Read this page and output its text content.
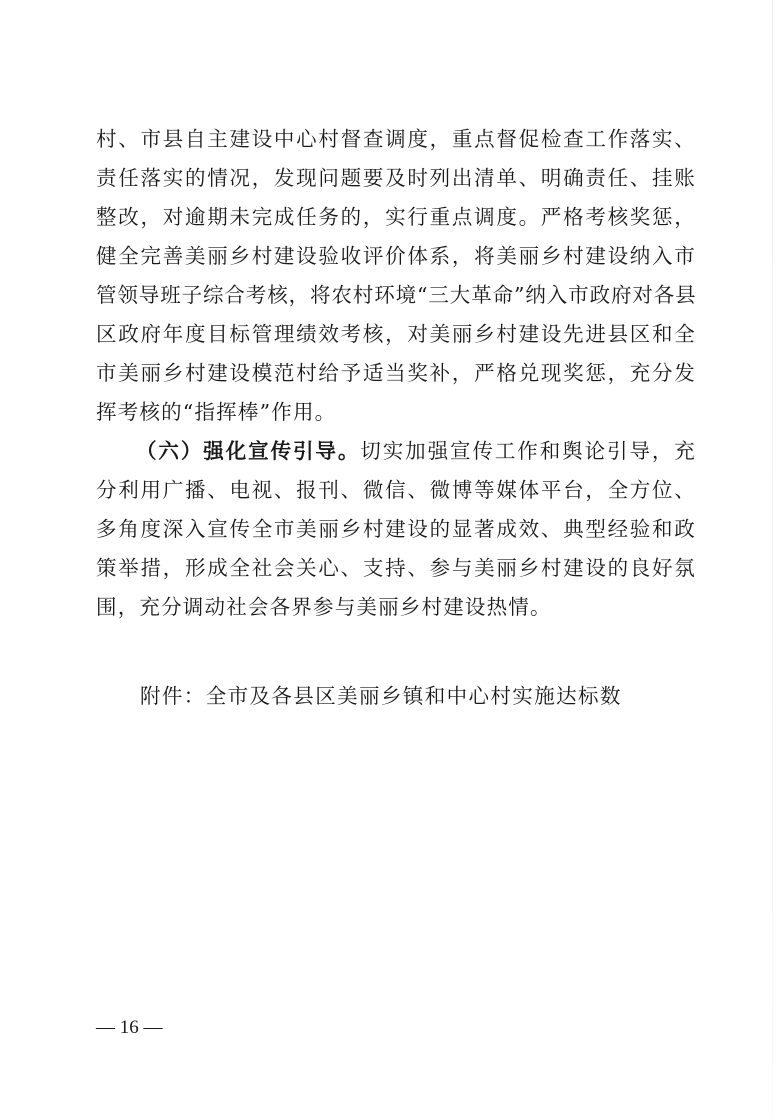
村、市县自主建设中心村督查调度，重点督促检查工作落实、
责任落实的情况，发现问题要及时列出清单、明确责任、挂账
整改，对逾期未完成任务的，实行重点调度。严格考核奖惩，
健全完善美丽乡村建设验收评价体系，将美丽乡村建设纳入市
管领导班子综合考核，将农村环境“三大革命”纳入市政府对各县
区政府年度目标管理绩效考核，对美丽乡村建设先进县区和全
市美丽乡村建设模范村给予适当奖补，严格兑现奖惩，充分发
挥考核的“指挥棒”作用。
（六）强化宣传引导。切实加强宣传工作和舆论引导，充
分利用广播、电视、报刊、微信、微博等媒体平台，全方位、
多角度深入宣传全市美丽乡村建设的显著成效、典型经验和政
策举措，形成全社会关心、支持、参与美丽乡村建设的良好氛
围，充分调动社会各界参与美丽乡村建设热情。
附件：全市及各县区美丽乡镇和中心村实施达标数
— 16 —
